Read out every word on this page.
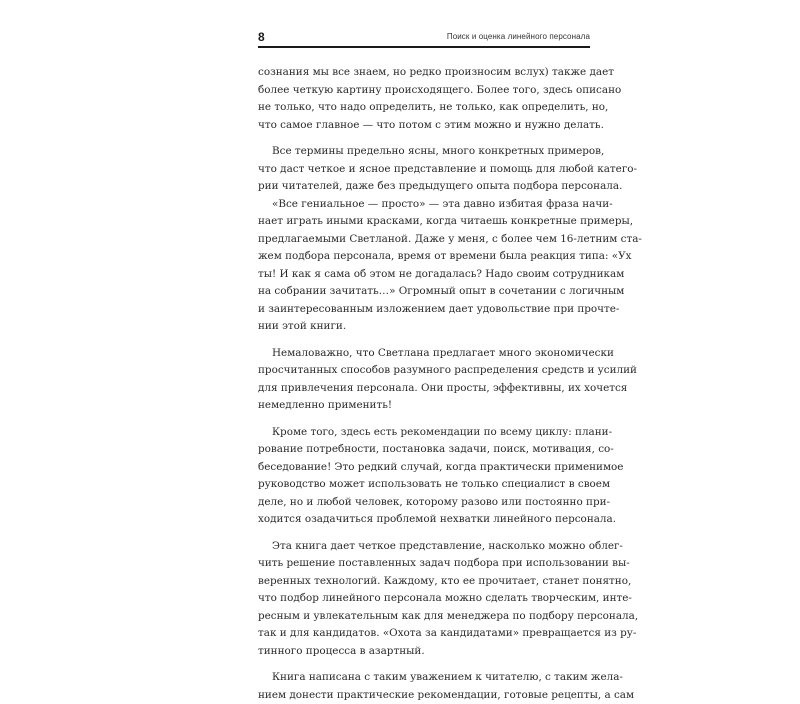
8	Поиск и оценка линейного персонала
сознания мы все знаем, но редко произносим вслух) также дает
более четкую картину происходящего. Более того, здесь описано
не только, что надо определить, не только, как определить, но,
что самое главное — что потом с этим можно и нужно делать.
Все термины предельно ясны, много конкретных примеров,
что даст четкое и ясное представление и помощь для любой катего-
рии читателей, даже без предыдущего опыта подбора персонала.
«Все гениальное — просто» — эта давно избитая фраза начи-
нает играть иными красками, когда читаешь конкретные примеры,
предлагаемыми Светланой. Даже у меня, с более чем 16-летним ста-
жем подбора персонала, время от времени была реакция типа: «Ух
ты! И как я сама об этом не догадалась? Надо своим сотрудникам
на собрании зачитать…» Огромный опыт в сочетании с логичным
и заинтересованным изложением дает удовольствие при прочте-
нии этой книги.
Немаловажно, что Светлана предлагает много экономически
просчитанных способов разумного распределения средств и усилий
для привлечения персонала. Они просты, эффективны, их хочется
немедленно применить!
Кроме того, здесь есть рекомендации по всему циклу: плани-
рование потребности, постановка задачи, поиск, мотивация, со-
беседование! Это редкий случай, когда практически применимое
руководство может использовать не только специалист в своем
деле, но и любой человек, которому разово или постоянно при-
ходится озадачиться проблемой нехватки линейного персонала.
Эта книга дает четкое представление, насколько можно облег-
чить решение поставленных задач подбора при использовании вы-
веренных технологий. Каждому, кто ее прочитает, станет понятно,
что подбор линейного персонала можно сделать творческим, инте-
ресным и увлекательным как для менеджера по подбору персонала,
так и для кандидатов. «Охота за кандидатами» превращается из ру-
тинного процесса в азартный.
Книга написана с таким уважением к читателю, с таким жела-
нием донести практические рекомендации, готовые рецепты, а сам
